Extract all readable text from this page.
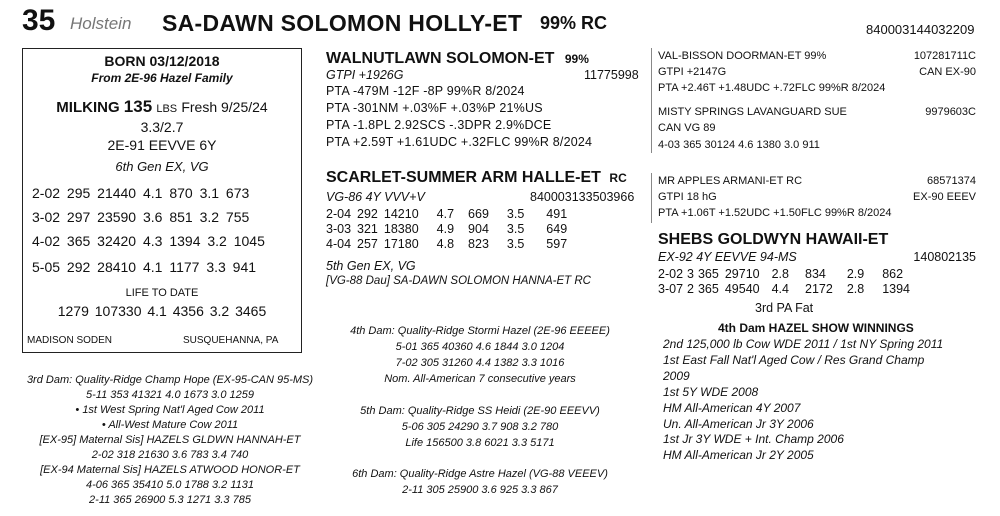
35 Holstein SA-DAWN SOLOMON HOLLY-ET 99% RC	840003144032209
BORN 03/12/2018
From 2E-96 Hazel Family
MILKING 135 LBS Fresh 9/25/24
3.3/2.7
2E-91 EEVVE 6Y
6th Gen EX, VG
2-02 295 21440 4.1 870 3.1 673
3-02 297 23590 3.6 851 3.2 755
4-02 365 32420 4.3 1394 3.2 1045
5-05 292 28410 4.1 1177 3.3 941
LIFE TO DATE
1279 107330 4.1 4356 3.2 3465
MADISON SODEN	SUSQUEHANNA, PA
WALNUTLAWN SOLOMON-ET 99%
GTPI +1926G	11775998
PTA -479M -12F -8P 99%R 8/2024
PTA -301NM +.03%F +.03%P 21%US
PTA -1.8PL 2.92SCS -.3DPR 2.9%DCE
PTA +2.59T +1.61UDC +.32FLC 99%R 8/2024
SCARLET-SUMMER ARM HALLE-ET RC
VG-86 4Y VVV+V	840003133503966
2-04	292	14210	4.7	669	3.5	491
3-03	321	18380	4.9	904	3.5	649
4-04	257	17180	4.8	823	3.5	597
5th Gen EX, VG
[VG-88 Dau] SA-DAWN SOLOMON HANNA-ET RC
VAL-BISSON DOORMAN-ET 99%	107281711C
GTPI +2147G	CAN EX-90
PTA +2.46T +1.48UDC +.72FLC 99%R 8/2024
MISTY SPRINGS LAVANGUARD SUE	9979603C
CAN VG 89
4-03 365 30124 4.6 1380 3.0 911
MR APPLES ARMANI-ET RC	68571374
GTPI 18 hG	EX-90 EEEV
PTA +1.06T +1.52UDC +1.50FLC 99%R 8/2024
SHEBS GOLDWYN HAWAII-ET
EX-92 4Y EEVVE 94-MS	140802135
2-02	3	365	29710	2.8	834	2.9	862
3-07	2	365	49540	4.4	2172	2.8	1394
3rd PA Fat
4th Dam HAZEL SHOW WINNINGS
2nd 125,000 lb Cow WDE 2011 / 1st NY Spring 2011
1st East Fall Nat'l Aged Cow / Res Grand Champ
2009
1st 5Y WDE 2008
HM All-American 4Y 2007
Un. All-American Jr 3Y 2006
1st Jr 3Y WDE + Int. Champ 2006
HM All-American Jr 2Y 2005
3rd Dam: Quality-Ridge Champ Hope (EX-95-CAN 95-MS)
5-11 353 41321 4.0 1673 3.0 1259
• 1st West Spring Nat'l Aged Cow 2011
• All-West Mature Cow 2011
[EX-95] Maternal Sis] HAZELS GLDWN HANNAH-ET
2-02 318 21630 3.6 783 3.4 740
[EX-94 Maternal Sis] HAZELS ATWOOD HONOR-ET
4-06 365 35410 5.0 1788 3.2 1131
2-11 365 26900 5.3 1271 3.3 785
4th Dam: Quality-Ridge Stormi Hazel (2E-96 EEEEE)
5-01 365 40360 4.6 1844 3.0 1204
7-02 305 31260 4.4 1382 3.3 1016
Nom. All-American 7 consecutive years
5th Dam: Quality-Ridge SS Heidi (2E-90 EEEVV)
5-06 305 24290 3.7 908 3.2 780
Life 156500 3.8 6021 3.3 5171
6th Dam: Quality-Ridge Astre Hazel (VG-88 VEEEV)
2-11 305 25900 3.6 925 3.3 867
